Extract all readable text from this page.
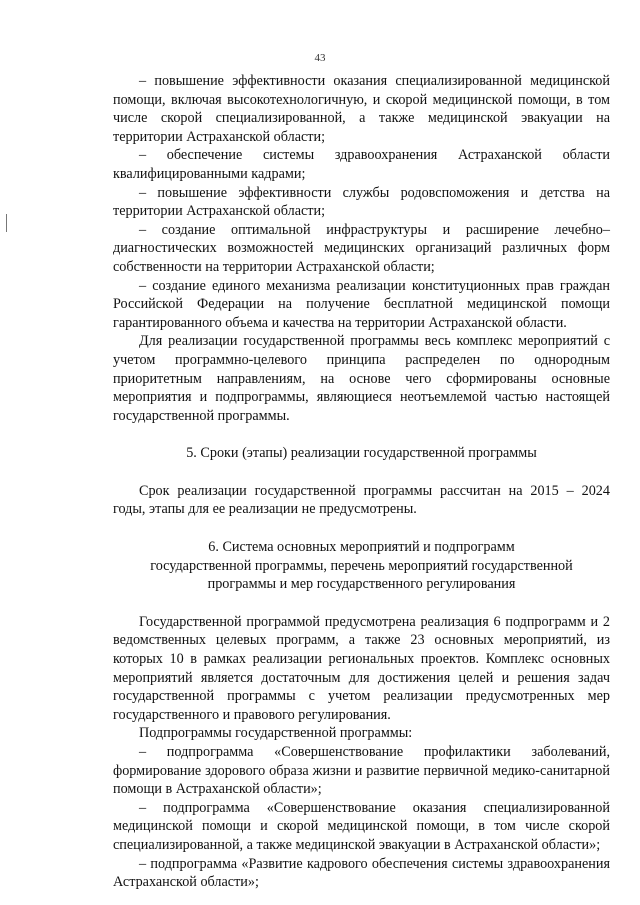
43

– повышение эффективности оказания специализированной медицинской помощи, включая высокотехнологичную, и скорой медицинской помощи, в том числе скорой специализированной, а также медицинской эвакуации на территории Астраханской области;

– обеспечение системы здравоохранения Астраханской области квалифицированными кадрами;

– повышение эффективности службы родовспоможения и детства на территории Астраханской области;

– создание оптимальной инфраструктуры и расширение лечебно– диагностических возможностей медицинских организаций различных форм собственности на территории Астраханской области;

– создание единого механизма реализации конституционных прав граждан Российской Федерации на получение бесплатной медицинской помощи гарантированного объема и качества на территории Астраханской области.

Для реализации государственной программы весь комплекс мероприятий с учетом программно-целевого принципа распределен по однородным приоритетным направлениям, на основе чего сформированы основные мероприятия и подпрограммы, являющиеся неотъемлемой частью настоящей государственной программы.

5. Сроки (этапы) реализации государственной программы

Срок реализации государственной программы рассчитан на 2015 – 2024 годы, этапы для ее реализации не предусмотрены.

6. Система основных мероприятий и подпрограмм

государственной программы, перечень мероприятий государственной

программы и мер государственного регулирования

Государственной программой предусмотрена реализация 6 подпрограмм и 2 ведомственных целевых программ, а также 23 основных мероприятий, из которых 10 в рамках реализации региональных проектов. Комплекс основных мероприятий является достаточным для достижения целей и решения задач государственной программы с учетом реализации предусмотренных мер государственного и правового регулирования.

Подпрограммы государственной программы:

– подпрограмма «Совершенствование профилактики заболеваний, формирование здорового образа жизни и развитие первичной медико-санитарной помощи в Астраханской области»;

– подпрограмма «Совершенствование оказания специализированной медицинской помощи и скорой медицинской помощи, в том числе скорой специализированной, а также медицинской эвакуации в Астраханской области»;

– подпрограмма «Развитие кадрового обеспечения системы здравоохранения Астраханской области»;
